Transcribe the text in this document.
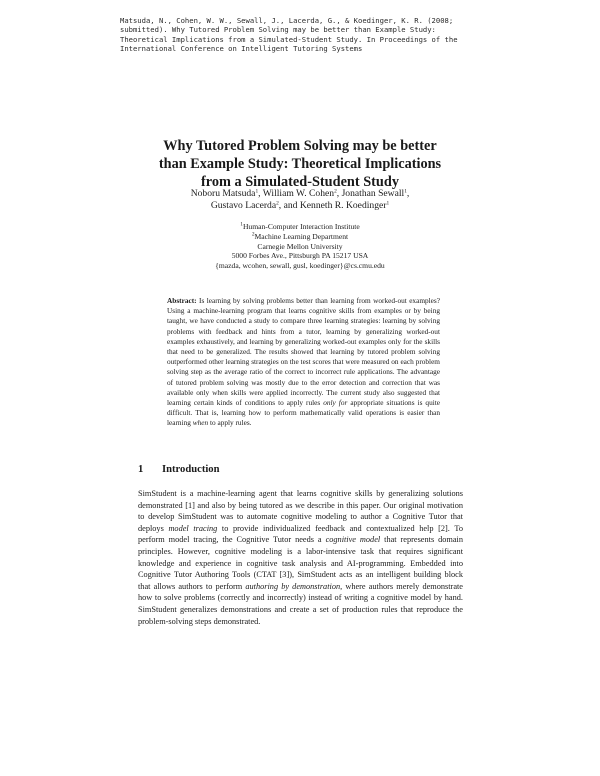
Matsuda, N., Cohen, W. W., Sewall, J., Lacerda, G., & Koedinger, K. R. (2008; submitted). Why Tutored Problem Solving may be better than Example Study: Theoretical Implications from a Simulated-Student Study. In Proceedings of the International Conference on Intelligent Tutoring Systems
Why Tutored Problem Solving may be better
than Example Study: Theoretical Implications
from a Simulated-Student Study
Noboru Matsuda$^1$, William W. Cohen$^2$, Jonathan Sewall$^1$,
Gustavo Lacerda$^2$, and Kenneth R. Koedinger$^1$
$^1$Human-Computer Interaction Institute
$^2$Machine Learning Department
Carnegie Mellon University
5000 Forbes Ave., Pittsburgh PA 15217 USA
{mazda, wcohen, sewall, gusl, koedinger}@cs.cmu.edu
Abstract: Is learning by solving problems better than learning from worked-out examples? Using a machine-learning program that learns cognitive skills from examples or by being taught, we have conducted a study to compare three learning strategies: learning by solving problems with feedback and hints from a tutor, learning by generalizing worked-out examples exhaustively, and learning by generalizing worked-out examples only for the skills that need to be generalized. The results showed that learning by tutored problem solving outperformed other learning strategies on the test scores that were measured on each problem solving step as the average ratio of the correct to incorrect rule applications. The advantage of tutored problem solving was mostly due to the error detection and correction that was available only when skills were applied incorrectly. The current study also suggested that learning certain kinds of conditions to apply rules only for appropriate situations is quite difficult. That is, learning how to perform mathematically valid operations is easier than learning when to apply rules.
1 Introduction
SimStudent is a machine-learning agent that learns cognitive skills by generalizing solutions demonstrated [1] and also by being tutored as we describe in this paper. Our original motivation to develop SimStudent was to automate cognitive modeling to author a Cognitive Tutor that deploys model tracing to provide individualized feedback and contextualized help [2]. To perform model tracing, the Cognitive Tutor needs a cognitive model that represents domain principles. However, cognitive modeling is a labor-intensive task that requires significant knowledge and experience in cognitive task analysis and AI-programming. Embedded into Cognitive Tutor Authoring Tools (CTAT [3]), SimStudent acts as an intelligent building block that allows authors to perform authoring by demonstration, where authors merely demonstrate how to solve problems (correctly and incorrectly) instead of writing a cognitive model by hand. SimStudent generalizes demonstrations and create a set of production rules that reproduce the problem-solving steps demonstrated.
